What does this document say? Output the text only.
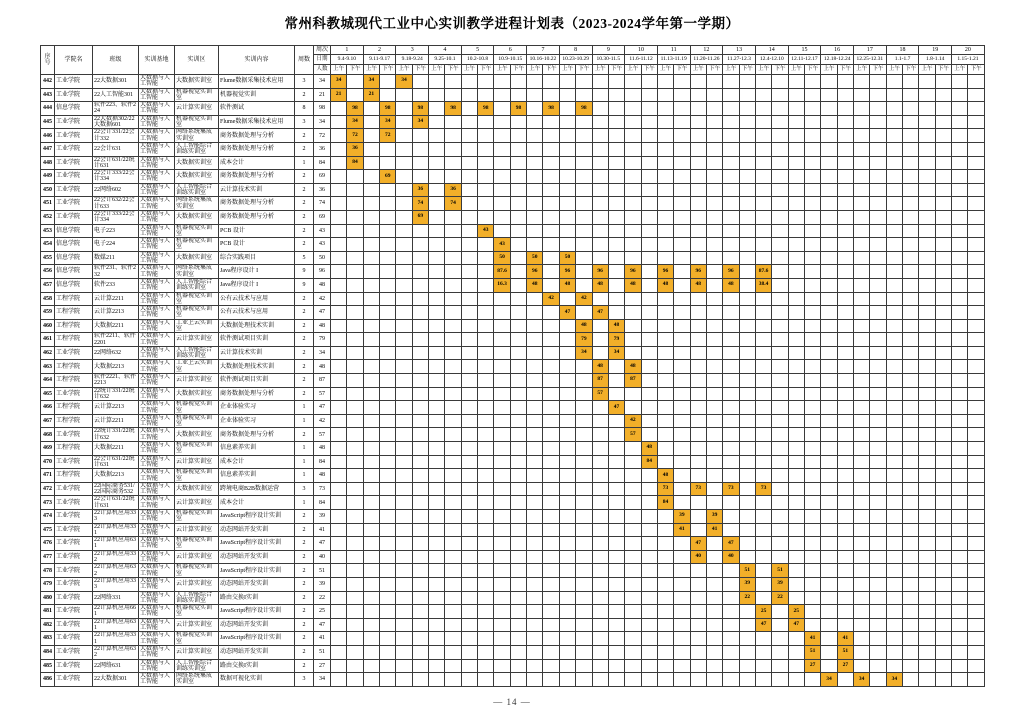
常州科教城现代工业中心实训教学进程计划表（2023-2024学年第一学期）
序号	学院名	班级	实训基地	实训区	实训内容	周数	周次	1		2		3		4		5		6		7		8		9		10		11		12		13		14		15		16		17		18		19		20	
							日期	9.4-9.10		9.11-9.17		9.18-9.24		9.25-10.1		10.2-10.8		10.9-10.15		10.16-10.22		10.23-10.29		10.30-11.5		11.6-11.12		11.13-11.19		11.20-11.26		11.27-12.3		12.4-12.10		12.11-12.17		12.18-12.24		12.25-12.31		1.1-1.7		1.8-1.14		1.15-1.21	
							人数	上午	下午	上午	下午	上午	下午	上午	下午	上午	下午	上午	下午	上午	下午	上午	下午	上午	下午	上午	下午	上午	下午	上午	下午	上午	下午	上午	下午	上午	下午	上午	下午	上午	下午	上午	下午	上午	下午	上午	下午
442	工业学院	22大数据301	大数据与人工智能	大数据实训室	Flume数据采集技术应用	3	34	34		34		34																																			
443	工业学院	22人工智能301	大数据与人工智能	机器视觉实训室	机器视觉实训	2	21	21		21																																					
444	信息学院	软件223、软件224	大数据与人工智能	云计算实训室	软件测试	8	98		98		98		98		98		98		98		98		98																								
445	工业学院	22大数据302/22大数据601	大数据与人工智能	机器视觉实训室	Flume数据采集技术应用	3	34		34		34		34																																		
446	工业学院	22会计331/22会计332	大数据与人工智能	网络系统集成实训室	商务数据处理与分析	2	72		72		72																																				
447	工业学院	22会计631	大数据与人工智能	人工智能综合训练实训室	商务数据处理与分析	2	36		36																																						
448	工业学院	22会计631/22统计631	大数据与人工智能	大数据实训室	成本会计	1	84		84																																						
449	工业学院	22会计333/22会计334	大数据与人工智能	大数据实训室	商务数据处理与分析	2	69				69																																				
450	工业学院	22网络602	大数据与人工智能	人工智能综合训练实训室	云计算技术实训	2	36						36		36																																
451	工业学院	22会计632/22会计633	大数据与人工智能	网络系统集成实训室	商务数据处理与分析	2	74						74		74																																
452	工业学院	22会计333/22会计334	大数据与人工智能	大数据实训室	商务数据处理与分析	2	69						69																																		
453	信息学院	电子223	大数据与人工智能	机器视觉实训室	PCB 设计	2	43										43																														
454	信息学院	电子224	大数据与人工智能	机器视觉实训室	PCB 设计	2	43											43																													
455	信息学院	数媒211	大数据与人工智能	大数据实训室	综合实践项目	5	50											50		50		50																									
456	信息学院	软件231、软件232	大数据与人工智能	网络系统集成实训室	Java程序设计 I	9	96											87.6		96		96		96		96		96		96		96		87.6													
457	信息学院	软件233	大数据与人工智能	人工智能综合训练实训室	Java程序设计 I	9	48											16.3		48		48		48		48		48		48		48		38.4													
458	工程学院	云计算2211	大数据与人工智能	机器视觉实训室	公有云技术与应用	2	42														42		42																								
459	工程学院	云计算2213	大数据与人工智能	机器视觉实训室	公有云技术与应用	2	47															47		47																							
460	工程学院	大数据2211	大数据与人工智能	工业上云实训室	大数据处理技术实训	2	48																48		48																						
461	工程学院	软件2211、软件2201	大数据与人工智能	云计算实训室	软件测试项目实训	2	79																79		79																						
462	工业学院	22网络632	大数据与人工智能	人工智能综合训练实训室	云计算技术实训	2	34																34		34																						
463	工程学院	大数据2213	大数据与人工智能	工业上云实训室	大数据处理技术实训	2	48																	48		48																					
464	工程学院	软件2221、软件2213	大数据与人工智能	云计算实训室	软件测试项目实训	2	87																	87		87																					
465	工业学院	22统计331/22统计632	大数据与人工智能	大数据实训室	商务数据处理与分析	2	57																	57																							
466	工程学院	云计算2213	大数据与人工智能	机器视觉实训室	企业体验实习	1	47																		47																						
467	工程学院	云计算2211	大数据与人工智能	机器视觉实训室	企业体验实习	1	42																			42																					
468	工业学院	22统计331/22统计632	大数据与人工智能	大数据实训室	商务数据处理与分析	2	57																			57																					
469	工程学院	大数据2211	大数据与人工智能	机器视觉实训室	信息素养实训	1	48																				48																				
470	工业学院	22会计631/22统计631	大数据与人工智能	云计算实训室	成本会计	1	84																				84																				
471	工程学院	大数据2213	大数据与人工智能	机器视觉实训室	信息素养实训	1	48																					48																			
472	工业学院	22国际商务531/22国际商务532	大数据与人工智能	大数据实训室	跨境电商B2B数据运营	3	73																					73		73		73		73													
473	工业学院	22会计631/22统计631	大数据与人工智能	云计算实训室	成本会计	1	84																					84																			
474	工业学院	22计算机应用333	大数据与人工智能	机器视觉实训室	JavaScript程序设计实训	2	39																						39		39																
475	工业学院	22计算机应用331	大数据与人工智能	云计算实训室	动态网站开发实训	2	41																						41		41																
476	工业学院	22计算机应用631	大数据与人工智能	机器视觉实训室	JavaScript程序设计实训	2	47																							47		47															
477	工业学院	22计算机应用332	大数据与人工智能	云计算实训室	动态网站开发实训	2	40																							40		40															
478	工业学院	22计算机应用632	大数据与人工智能	机器视觉实训室	JavaScript程序设计实训	2	51																										51		51												
479	工业学院	22计算机应用333	大数据与人工智能	云计算实训室	动态网站开发实训	2	39																										39		39												
480	工业学院	22网络331	大数据与人工智能	人工智能综合训练实训室	路由交换I实训	2	22																										22		22												
481	工业学院	22计算机应用661	大数据与人工智能	机器视觉实训室	JavaScript程序设计实训	2	25																											25		25											
482	工业学院	22计算机应用631	大数据与人工智能	云计算实训室	动态网站开发实训	2	47																											47		47											
483	工业学院	22计算机应用331	大数据与人工智能	机器视觉实训室	JavaScript程序设计实训	2	41																														41		41								
484	工业学院	22计算机应用632	大数据与人工智能	云计算实训室	动态网站开发实训	2	51																														51		51								
485	工业学院	22网络631	大数据与人工智能	人工智能综合训练实训室	路由交换I实训	2	27																														27		27								
486	工业学院	22大数据301	大数据与人工智能	网络系统集成实训室	数据可视化实训	3	34																															34		34		34					
— 14 —
